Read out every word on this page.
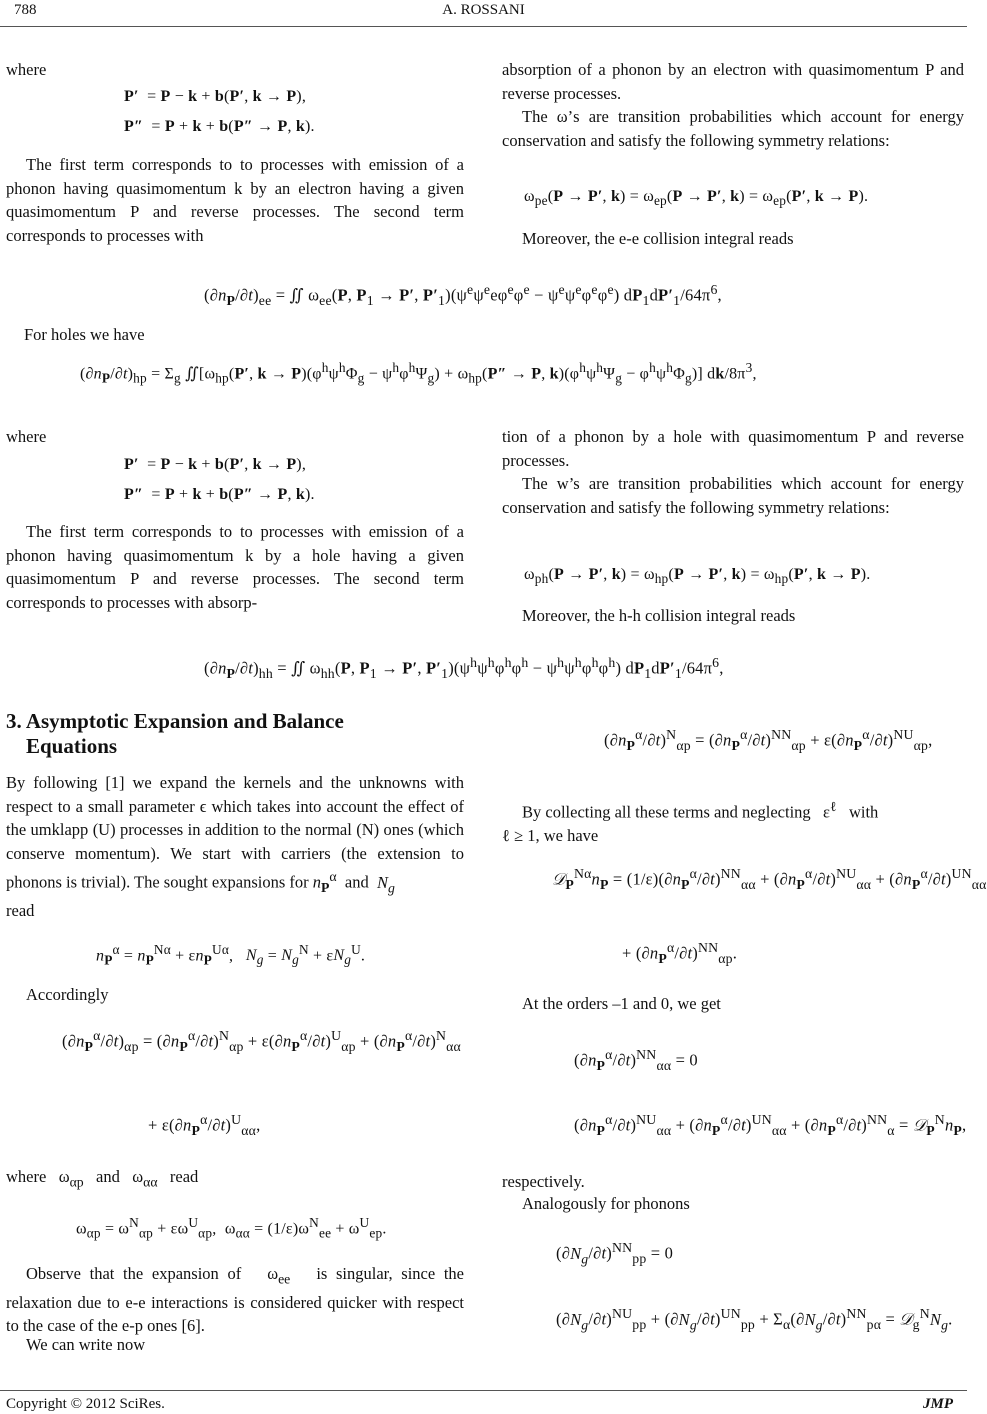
788	A. ROSSANI
where
P′  = P − k + b(P′, k → P),
P″  = P + k + b(P″ → P, k).

The first term corresponds to to processes with emission of a phonon having quasimomentum k by an electron having a given quasimomentum P and reverse processes. The second term corresponds to processes with

absorption of a phonon by an electron with quasimomentum P and reverse processes.

The ω’s are transition probabilities which account for energy conservation and satisfy the following symmetry relations:

$\omega_{pe}(P \to P'$, $k) = \omega_{ep}(P \to P'$, $k) = \omega_{ep}(P'$, k → P).

Moreover, the e-e collision integral reads

$(\partial n_P/\partial t)_{ee}$ = ∬ $\omega_{ee}(P$, $P_1 \to P'$, $P'_1)(\psi^e\psi^ee\varphi^e\varphi^e - \psi^e\psi^e\varphi^e\varphi^e)$ $dP_1dP'_1/64\pi^6$,
For holes we have
$(\partial n_P/\partial t)_{hp} = \Sigma_g$ $∬[\omega_{hp}(P'$, $k \to P)(\varphi^h\psi^h\Phi_g - \psi^h\varphi^h\Psi_g) + \omega_{hp}(P'' \to P$, $k)(\varphi^h\psi^h\Psi_g - \varphi^h\psi^h\Phi_g)$] $dk/8\pi^3$,
where
P′  = P − k + b(P′, k → P),
P″  = P + k + b(P″ → P, k).

The first term corresponds to to processes with emission of a phonon having quasimomentum k by a hole having a given quasimomentum P and reverse processes. The second term corresponds to processes with absorp-

tion of a phonon by a hole with quasimomentum P and reverse processes.

The w’s are transition probabilities which account for energy conservation and satisfy the following symmetry relations:

$\omega_{ph}(P \to P'$, $k) = \omega_{hp}(P \to P'$, $k) = \omega_{hp}(P'$, k → P).

Moreover, the h-h collision integral reads

$(\partial n_P/\partial t)_{hh}$ = ∬ $\omega_{hh}(P$, $P_1 \to P'$, $P'_1)(\psi^h\psi^h\varphi^h\varphi^h - \psi^h\psi^h\varphi^h\varphi^h)$ $dP_1dP'_1/64\pi^6$,
3. Asymptotic Expansion and Balance
Equations

By following [1] we expand the kernels and the unknowns with respect to a small parameter ϵ which takes into account the effect of the umklapp (U) processes in addition to the normal (N) ones (which conserve momentum). We start with carriers (the extension to phonons is trivial). The sought expansions for $n_P^\alpha$ and $N_g$
read

$n_P^\alpha = n_P^{N\alpha} + \varepsilon n_P^{U\alpha}$,   $N_g = N_g^N + \varepsilon N_g^U$.
Accordingly
$(\partial n_P^\alpha/\partial t)_{\alpha p} = (\partial n_P^\alpha/\partial t)^N_{\alpha p} + \varepsilon(\partial n_P^\alpha/\partial t)^U_{\alpha p} + (\partial n_P^\alpha/\partial t)^N_{\alpha\alpha}$
+ $\varepsilon(\partial n_P^\alpha/\partial t)^U_{\alpha\alpha}$,
where   $\omega_{\alpha p}$ and   $\omega_{\alpha\alpha}$ read
$\omega_{\alpha p} = \omega^N_{\alpha p} + \varepsilon\omega^U_{\alpha p}$,  $\omega_{\alpha\alpha} = (1/\varepsilon)\omega^N_{ee} + \omega^U_{ep}$.

Observe that the expansion of   $\omega_{ee}$ is singular, since the relaxation due to e-e interactions is considered quicker with respect to the case of the e-p ones [6].

We can write now

$(\partial n_P^\alpha/\partial t)^N_{\alpha p} = (\partial n_P^\alpha/\partial t)^{NN}_{\alpha p} + \varepsilon(\partial n_P^\alpha/\partial t)^{NU}_{\alpha p}$,

By collecting all these terms and neglecting   $\varepsilon^\ell$ with
ℓ ≥ 1, we have

$𝒟_P^{N\alpha}n_P = (1/\varepsilon)(\partial n_P^\alpha/\partial t)^{NN}_{\alpha\alpha} + (\partial n_P^\alpha/\partial t)^{NU}_{\alpha\alpha} + (\partial n_P^\alpha/\partial t)^{UN}_{\alpha\alpha}$
+ $(\partial n_P^\alpha/\partial t)^{NN}_{\alpha p}$.
At the orders –1 and 0, we get
$(\partial n_P^\alpha/\partial t)^{NN}_{\alpha\alpha} = 0$
$(\partial n_P^\alpha/\partial t)^{NU}_{\alpha\alpha} + (\partial n_P^\alpha/\partial t)^{UN}_{\alpha\alpha} + (\partial n_P^\alpha/\partial t)^{NN}_\alpha$ = $𝒟_P^Nn_P$,
respectively.
Analogously for phonons
$(\partial N_g/\partial t)^{NN}_{pp} = 0$
$(\partial N_g/\partial t)^{NU}_{pp} + (\partial N_g/\partial t)^{UN}_{pp} + \Sigma_\alpha(\partial N_g/\partial t)^{NN}_{p\alpha}$ = $𝒟_g^NN_g$.
Copyright © 2012 SciRes.	JMP
